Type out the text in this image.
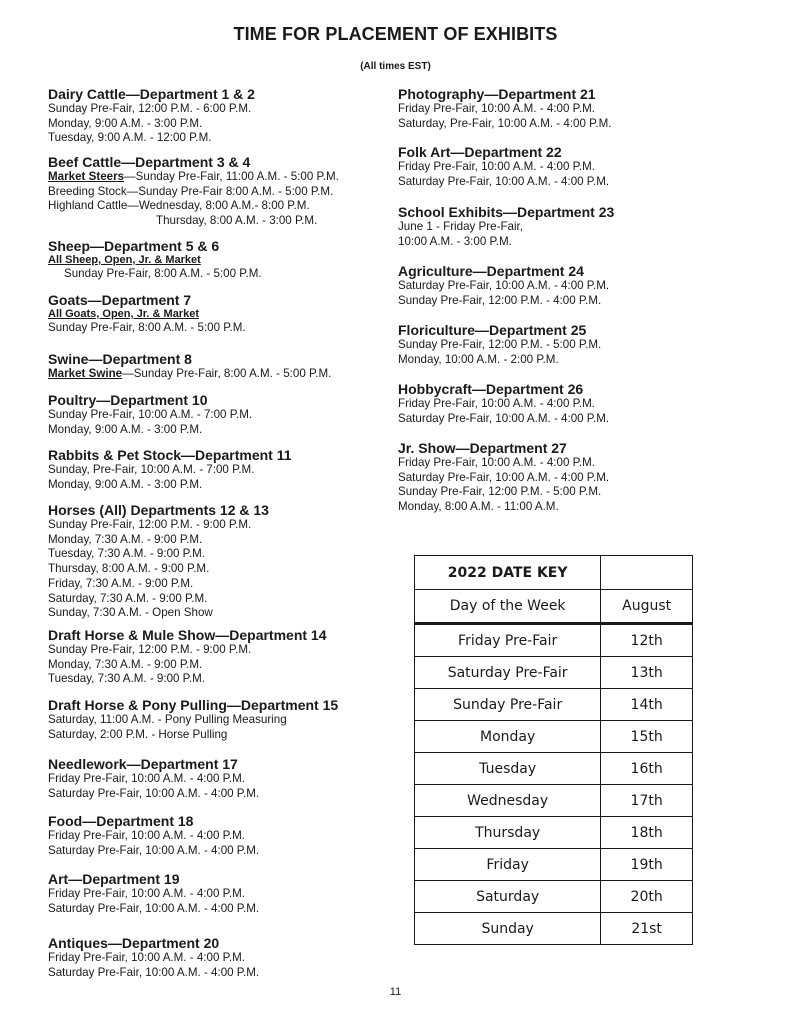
TIME FOR PLACEMENT OF EXHIBITS
(All times EST)
Dairy Cattle—Department 1 & 2
Sunday Pre-Fair, 12:00 P.M. - 6:00 P.M.
Monday, 9:00 A.M. - 3:00 P.M.
Tuesday, 9:00 A.M. - 12:00 P.M.
Beef Cattle—Department 3 & 4
Market Steers—Sunday Pre-Fair, 11:00 A.M. - 5:00 P.M.
Breeding Stock—Sunday Pre-Fair 8:00 A.M. - 5:00 P.M.
Highland Cattle—Wednesday, 8:00 A.M.- 8:00 P.M.
Thursday, 8:00 A.M. - 3:00 P.M.
Sheep—Department 5 & 6
All Sheep, Open, Jr. & Market
Sunday Pre-Fair, 8:00 A.M. - 5:00 P.M.
Goats—Department 7
All Goats, Open, Jr. & Market
Sunday Pre-Fair, 8:00 A.M. - 5:00 P.M.
Swine—Department 8
Market Swine—Sunday Pre-Fair, 8:00 A.M. - 5:00 P.M.
Poultry—Department 10
Sunday Pre-Fair, 10:00 A.M. - 7:00 P.M.
Monday, 9:00 A.M. - 3:00 P.M.
Rabbits & Pet Stock—Department 11
Sunday, Pre-Fair, 10:00 A.M. - 7:00 P.M.
Monday, 9:00 A.M. - 3:00 P.M.
Horses (All) Departments 12 & 13
Sunday Pre-Fair, 12:00 P.M. - 9:00 P.M.
Monday, 7:30 A.M. - 9:00 P.M.
Tuesday, 7:30 A.M. - 9:00 P.M.
Thursday, 8:00 A.M. - 9:00 P.M.
Friday, 7:30 A.M. - 9:00 P.M.
Saturday, 7:30 A.M. - 9:00 P.M.
Sunday, 7:30 A.M. - Open Show
Draft Horse & Mule Show—Department 14
Sunday Pre-Fair, 12:00 P.M. - 9:00 P.M.
Monday, 7:30 A.M. - 9:00 P.M.
Tuesday, 7:30 A.M. - 9:00 P.M.
Draft Horse & Pony Pulling—Department 15
Saturday, 11:00 A.M. - Pony Pulling Measuring
Saturday, 2:00 P.M. - Horse Pulling
Needlework—Department 17
Friday Pre-Fair, 10:00 A.M. - 4:00 P.M.
Saturday Pre-Fair, 10:00 A.M. - 4:00 P.M.
Food—Department 18
Friday Pre-Fair, 10:00 A.M. - 4:00 P.M.
Saturday Pre-Fair, 10:00 A.M. - 4:00 P.M.
Art—Department 19
Friday Pre-Fair, 10:00 A.M. - 4:00 P.M.
Saturday Pre-Fair, 10:00 A.M. - 4:00 P.M.
Antiques—Department 20
Friday Pre-Fair, 10:00 A.M. - 4:00 P.M.
Saturday Pre-Fair, 10:00 A.M. - 4:00 P.M.
Photography—Department 21
Friday Pre-Fair, 10:00 A.M. - 4:00 P.M.
Saturday, Pre-Fair, 10:00 A.M. - 4:00 P.M.
Folk Art—Department 22
Friday Pre-Fair, 10:00 A.M. - 4:00 P.M.
Saturday Pre-Fair, 10:00 A.M. - 4:00 P.M.
School Exhibits—Department 23
June 1 - Friday Pre-Fair,
10:00 A.M. - 3:00 P.M.
Agriculture—Department 24
Saturday Pre-Fair, 10:00 A.M. - 4:00 P.M.
Sunday Pre-Fair, 12:00 P.M. - 4:00 P.M.
Floriculture—Department 25
Sunday Pre-Fair, 12:00 P.M. - 5:00 P.M.
Monday, 10:00 A.M. - 2:00 P.M.
Hobbycraft—Department 26
Friday Pre-Fair, 10:00 A.M. - 4:00 P.M.
Saturday Pre-Fair, 10:00 A.M. - 4:00 P.M.
Jr. Show—Department 27
Friday Pre-Fair, 10:00 A.M. - 4:00 P.M.
Saturday Pre-Fair, 10:00 A.M. - 4:00 P.M.
Sunday Pre-Fair, 12:00 P.M. - 5:00 P.M.
Monday, 8:00 A.M. - 11:00 A.M.
2022 DATE KEY	
Day of the Week	August
Friday Pre-Fair	12th
Saturday Pre-Fair	13th
Sunday Pre-Fair	14th
Monday	15th
Tuesday	16th
Wednesday	17th
Thursday	18th
Friday	19th
Saturday	20th
Sunday	21st
11
